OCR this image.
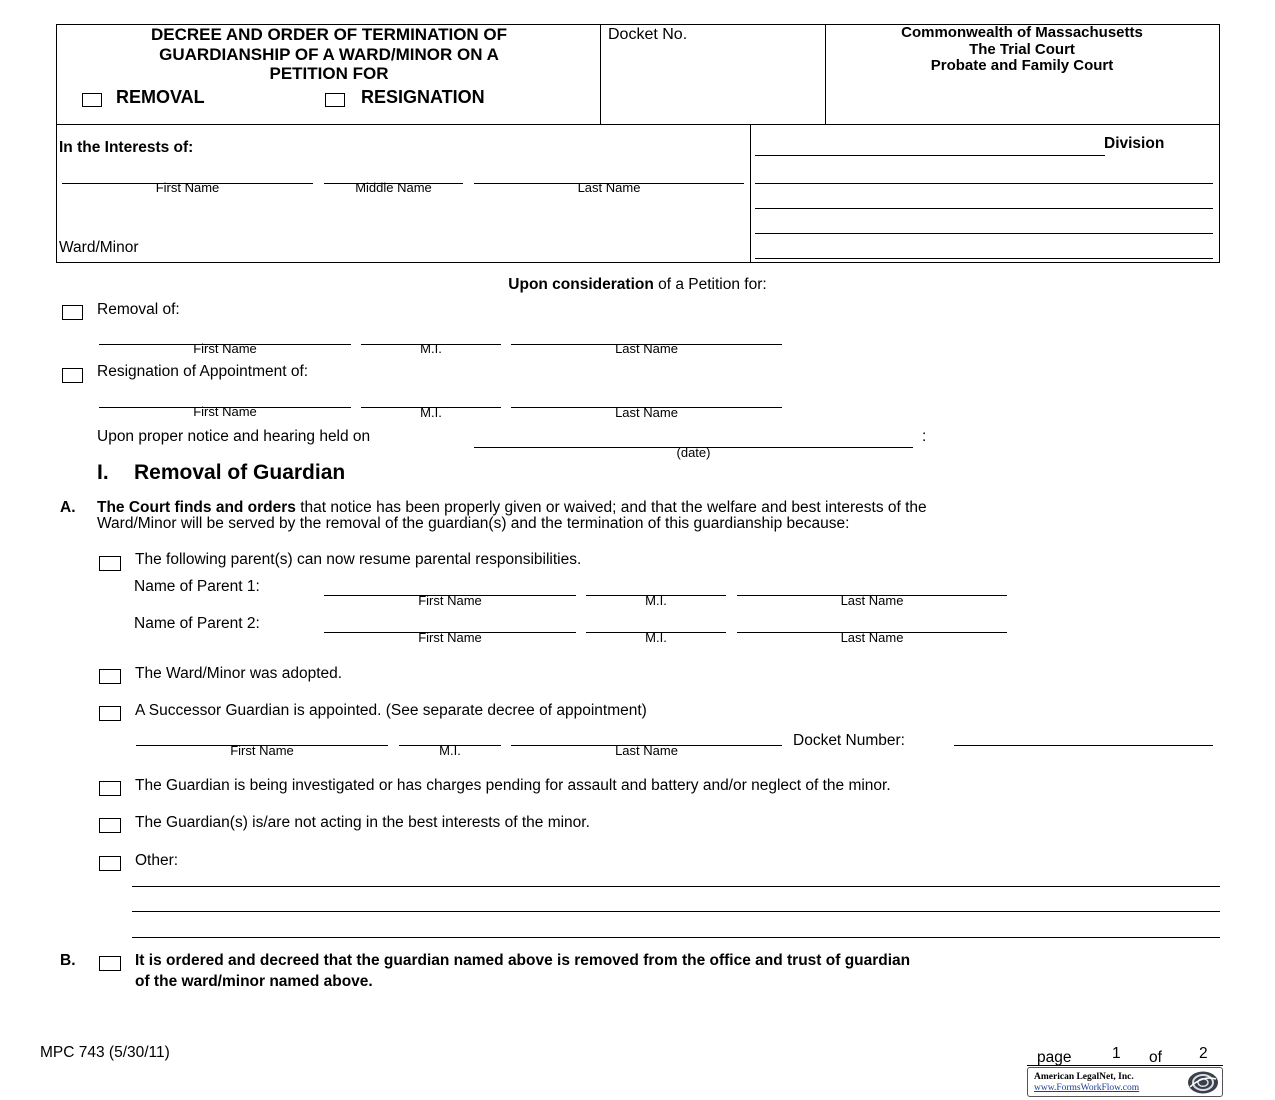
DECREE AND ORDER OF TERMINATION OF
GUARDIANSHIP OF A WARD/MINOR ON A
PETITION FOR
REMOVAL	RESIGNATION
Docket No.	Commonwealth of Massachusetts
The Trial Court
Probate and Family Court
In the Interests of:
First Name	Middle Name	Last Name
Ward/Minor
Division
Upon consideration of a Petition for:
Removal of:
First Name	M.I.	Last Name
Resignation of Appointment of:
First Name	M.I.	Last Name
Upon proper notice and hearing held on
(date)
:
I. Removal of Guardian
A. The Court finds and orders that notice has been properly given or waived; and that the welfare and best interests of the
Ward/Minor will be served by the removal of the guardian(s) and the termination of this guardianship because:
The following parent(s) can now resume parental responsibilities.
Name of Parent 1:
First Name	M.I.	Last Name
Name of Parent 2:
First Name	M.I.	Last Name
The Ward/Minor was adopted.
A Successor Guardian is appointed. (See separate decree of appointment)
First Name	M.I.	Last Name
Docket Number:
The Guardian is being investigated or has charges pending for assault and battery and/or neglect of the minor.
The Guardian(s) is/are not acting in the best interests of the minor.
Other:
B.	It is ordered and decreed that the guardian named above is removed from the office and trust of guardian
of the ward/minor named above.
MPC 743 (5/30/11)	page	1 of 2
American LegalNet, Inc.
www.FormsWorkFlow.com
